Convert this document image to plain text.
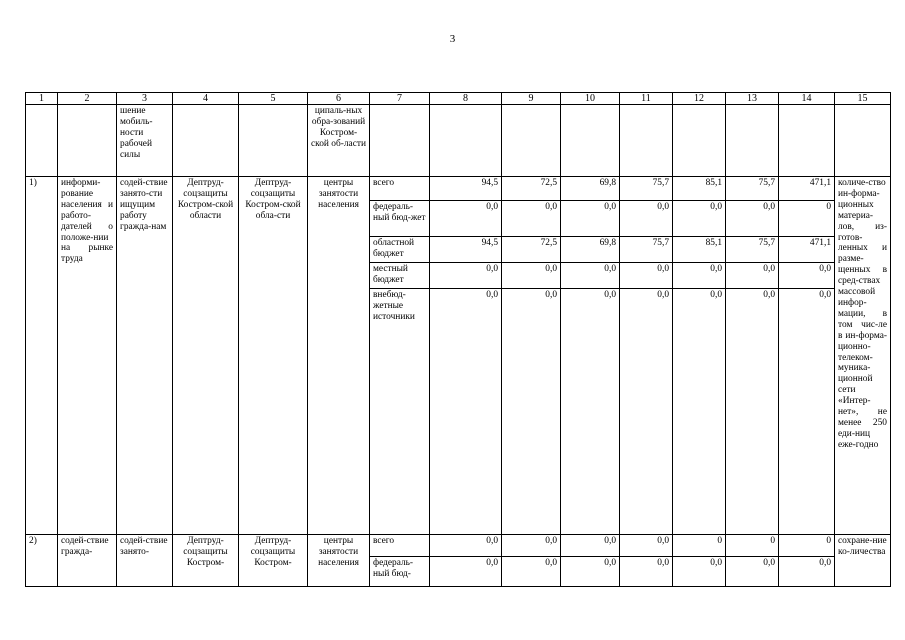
3
1	2	3	4	5	6	7	8	9	10	11	12	13	14	15
		шение мобиль-ности рабочей силы			ципаль-ных обра-зований Костром-ской об-ласти									
1)	информи-рование населения и работо-дателей о положе-нии на рынке труда	содей-ствие занято-сти ищущим работу гражда-нам	Дептруд-соцзащиты Костром-ской области	Дептруд-соцзащиты Костром-ской обла-сти	центры занятости населения	всего	94,5	72,5	69,8	75,7	85,1	75,7	471,1	количе-ство ин-формa-ционных материа-лов, из-готов-ленных и разме-щенных в сред-ствах массовой инфор-мации, в том чис-ле в ин-форма-ционно-телеком-муника-ционной сети «Интер-нет», не менее 250 еди-ниц еже-годно
						федераль-ный бюд-жет	0,0	0,0	0,0	0,0	0,0	0,0	0	
						областной бюджет	94,5	72,5	69,8	75,7	85,1	75,7	471,1	
						местный бюджет	0,0	0,0	0,0	0,0	0,0	0,0	0,0	
						внебюд-жетные источники	0,0	0,0	0,0	0,0	0,0	0,0	0,0	
2)	содей-ствие гражда-	содей-ствие занято-	Дептруд-соцзащиты Костром-	Дептруд-соцзащиты Костром-	центры занятости населения	всего	0,0	0,0	0,0	0,0	0	0	0	сохране-ние ко-личества
						федераль-ный бюд-	0,0	0,0	0,0	0,0	0,0	0,0	0,0	
